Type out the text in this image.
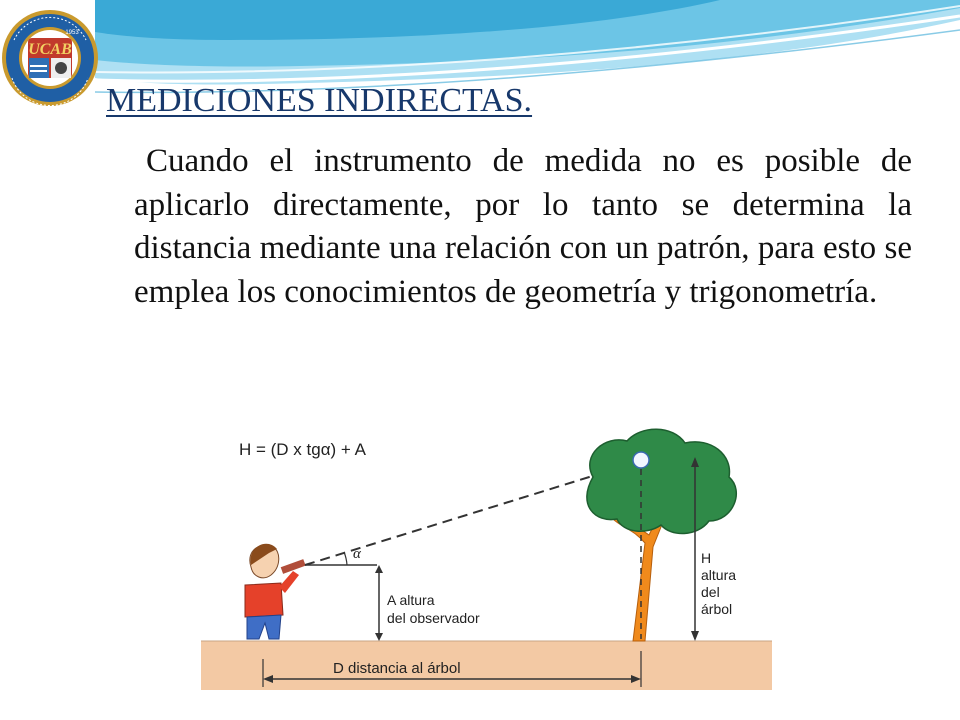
UCAB
1953
MEDICIONES INDIRECTAS.

Cuando el instrumento de medida no es posible de aplicarlo directamente, por lo tanto se determina la distancia mediante una relación con un patrón, para esto se emplea los conocimientos de geometría y trigonometría.

H = (D x tgα) + A
α
A altura
del observador
H
altura
del
árbol
D distancia al árbol
